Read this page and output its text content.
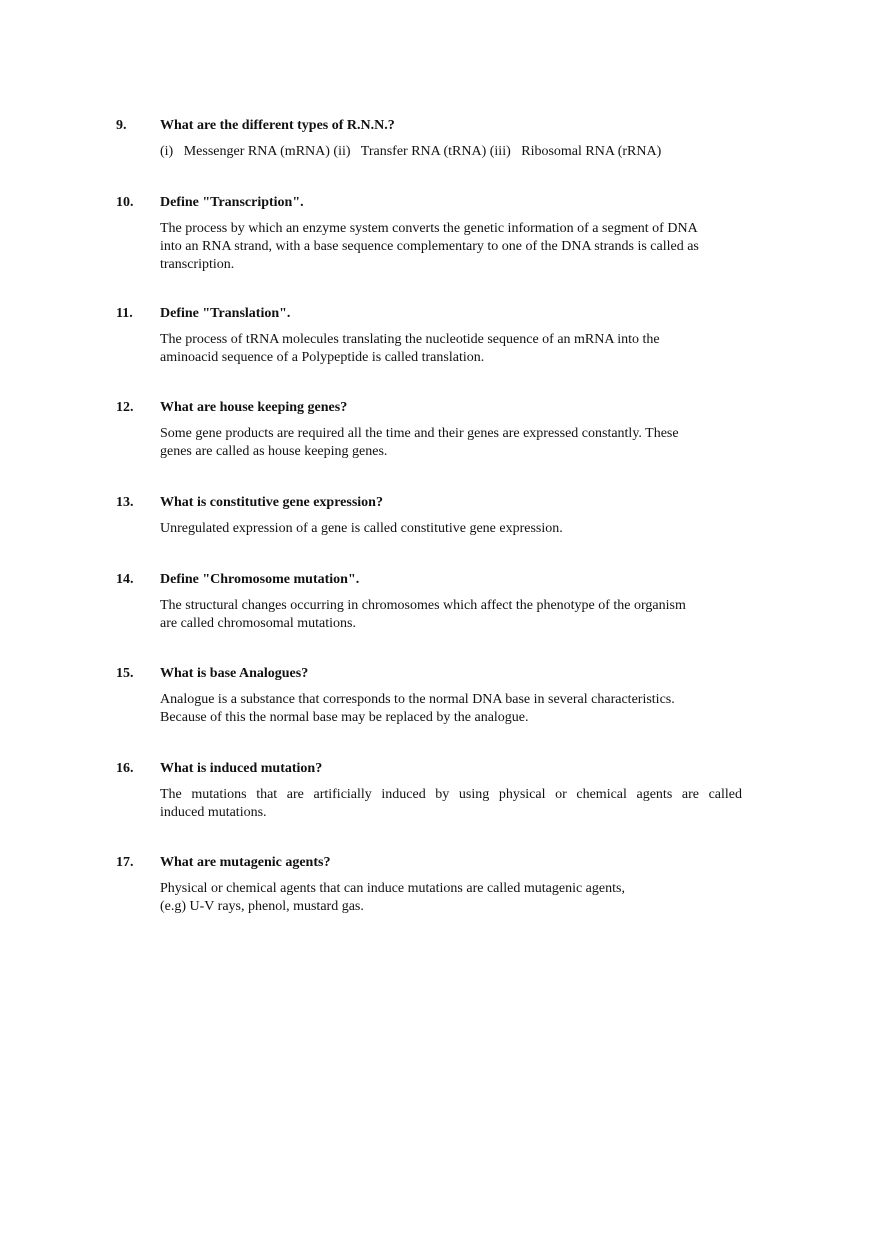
9.	What are the different types of R.N.N.?
(i)   Messenger RNA (mRNA) (ii)   Transfer RNA (tRNA) (iii)   Ribosomal RNA (rRNA)
10.	Define "Transcription".
The process by which an enzyme system converts the genetic information of a segment of DNA
into an RNA strand, with a base sequence complementary to one of the DNA strands is called as
transcription.
11.	Define "Translation".
The process of tRNA molecules translating the nucleotide sequence of an mRNA into the
aminoacid sequence of a Polypeptide is called translation.
12.	What are house keeping genes?
Some gene products are required all the time and their genes are expressed constantly. These
genes are called as house keeping genes.
13.	What is constitutive gene expression?
Unregulated expression of a gene is called constitutive gene expression.
14.	Define "Chromosome mutation".
The structural changes occurring in chromosomes which affect the phenotype of the organism
are called chromosomal mutations.
15.	What is base Analogues?
Analogue is a substance that corresponds to the normal DNA base in several characteristics.
Because of this the normal base may be replaced by the analogue.
16.	What is induced mutation?
The mutations that are artificially induced by using physical or chemical agents are called
induced mutations.
17.	What are mutagenic agents?
Physical or chemical agents that can induce mutations are called mutagenic agents,
(e.g) U-V rays, phenol, mustard gas.
